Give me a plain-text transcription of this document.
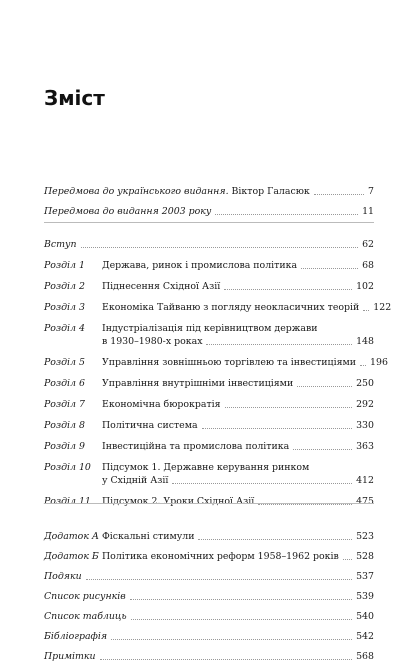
Зміст
Передмова до українського видання. Віктор Галасюк	7
Передмова до видання 2003 року	11
Вступ	62
Розділ 1	Держава, ринок і промислова політика	68
Розділ 2	Піднесення Східної Азії	102
Розділ 3	Економіка Тайваню з погляду неокласичних теорій 122
Розділ 4	Індустріалізація під керівництвом держави
в 1930–1980-х роках	148
Розділ 5	Управління зовнішньою торгівлею та інвестиціями 196
Розділ 6	Управління внутрішніми інвестиціями	250
Розділ 7	Економічна бюрократія	292
Розділ 8	Політична система	330
Розділ 9	Інвестиційна та промислова політика	363
Розділ 10	Підсумок 1. Державне керування ринком
у Східній Азії	412
Розділ 11	Підсумок 2. Уроки Східної Азії	475
Додаток А Фіскальні стимули	523
Додаток Б Політика економічних реформ 1958–1962 років 528
Подяки	537
Список рисунків	539
Список таблиць	540
Бібліографія	542
Примітки	568
